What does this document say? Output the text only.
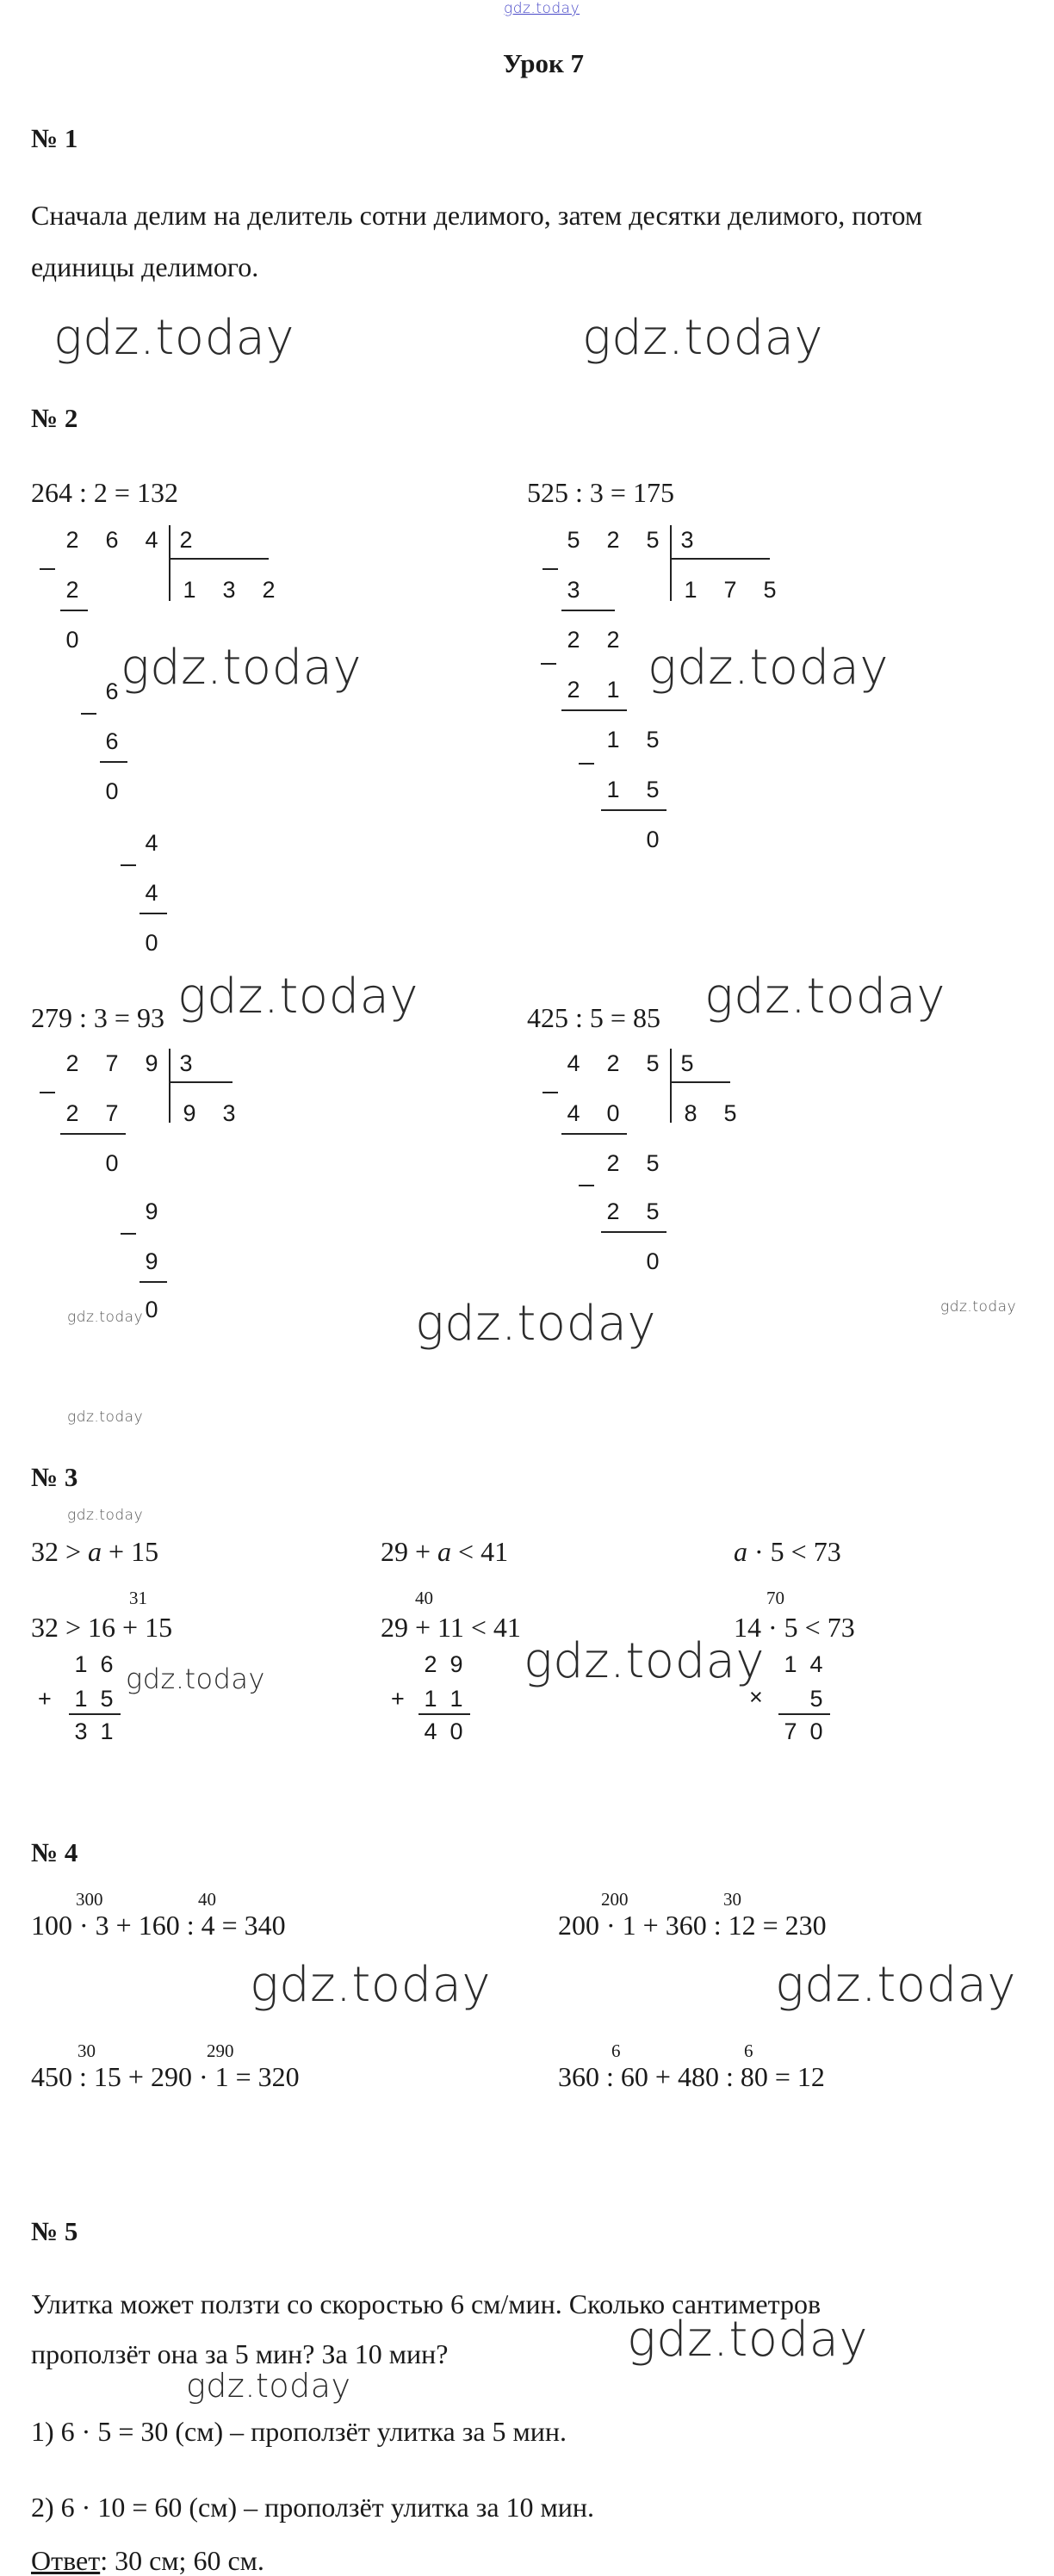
gdz.today
Урок 7
№ 1
Сначала делим на делитель сотни делимого, затем десятки делимого, потом
единицы делимого.
gdz.today	gdz.today
№ 2
264 : 2 = 132	525 : 3 = 175
2 6 4 2
1 3 2
2
0
6
6
0
4
4
0
gdz.today
5 2 5 3
1 7 5
3
2 2
2 1
1 5
1 5
0
gdz.today
279 : 3 = 93	425 : 5 = 85
gdz.today	gdz.today
2 7 9 3
9 3
2 7
0
9
9
0
4 2 5 5
8 5
4 0
2 5
2 5
0
gdz.today	gdz.today	gdz.today
gdz.today
№ 3
gdz.today
32 > a + 15	29 + a < 41	a · 5 < 73
31	40	70
32 > 16 + 15	29 + 11 < 41	14 · 5 < 73
1 6
+ 1 5
3 1
gdz.today	2 9
+ 1 1
4 0
gdz.today 1 4
× 5
7 0
№ 4
300	40
100 · 3 + 160 : 4 = 340
200	30
200 · 1 + 360 : 12 = 230
gdz.today	gdz.today
30	290
450 : 15 + 290 · 1 = 320
6	6
360 : 60 + 480 : 80 = 12
№ 5
Улитка может ползти со скоростью 6 см/мин. Сколько сантиметров
проползёт она за 5 мин? За 10 мин?	gdz.today
gdz.today
1) 6 · 5 = 30 (см) – проползёт улитка за 5 мин.
2) 6 · 10 = 60 (см) – проползёт улитка за 10 мин.
Ответ: 30 см; 60 см.
